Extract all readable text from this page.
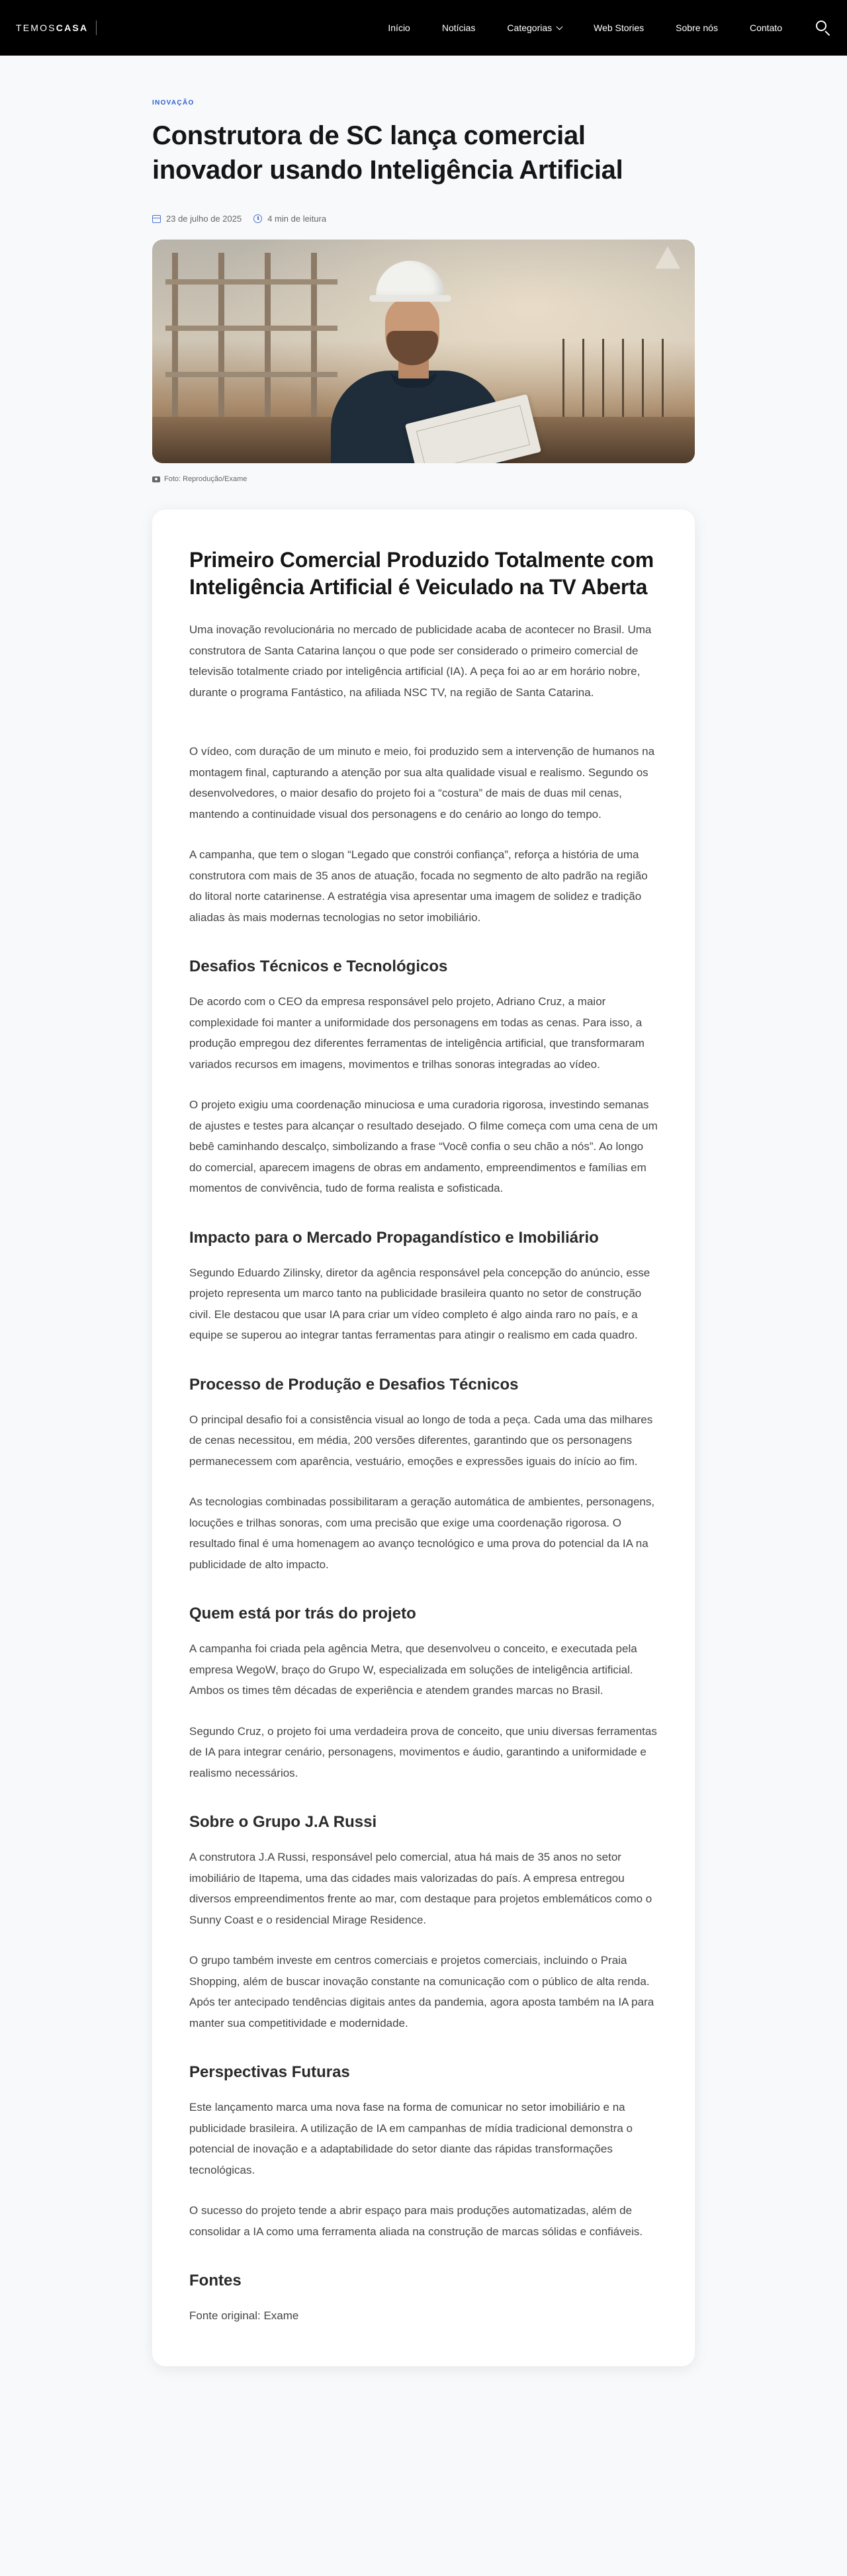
TEMOSCASA	Início	Notícias	Categorias	Web Stories	Sobre nós	Contato
INOVAÇÃO
Construtora de SC lança comercial inovador usando Inteligência Artificial
23 de julho de 2025	4 min de leitura
Foto: Reprodução/Exame
Primeiro Comercial Produzido Totalmente com Inteligência Artificial é Veiculado na TV Aberta

Uma inovação revolucionária no mercado de publicidade acaba de acontecer no Brasil. Uma construtora de Santa Catarina lançou o que pode ser considerado o primeiro comercial de televisão totalmente criado por inteligência artificial (IA). A peça foi ao ar em horário nobre, durante o programa Fantástico, na afiliada NSC TV, na região de Santa Catarina.

O vídeo, com duração de um minuto e meio, foi produzido sem a intervenção de humanos na montagem final, capturando a atenção por sua alta qualidade visual e realismo. Segundo os desenvolvedores, o maior desafio do projeto foi a “costura” de mais de duas mil cenas, mantendo a continuidade visual dos personagens e do cenário ao longo do tempo.

A campanha, que tem o slogan “Legado que constrói confiança”, reforça a história de uma construtora com mais de 35 anos de atuação, focada no segmento de alto padrão na região do litoral norte catarinense. A estratégia visa apresentar uma imagem de solidez e tradição aliadas às mais modernas tecnologias no setor imobiliário.

Desafios Técnicos e Tecnológicos

De acordo com o CEO da empresa responsável pelo projeto, Adriano Cruz, a maior complexidade foi manter a uniformidade dos personagens em todas as cenas. Para isso, a produção empregou dez diferentes ferramentas de inteligência artificial, que transformaram variados recursos em imagens, movimentos e trilhas sonoras integradas ao vídeo.

O projeto exigiu uma coordenação minuciosa e uma curadoria rigorosa, investindo semanas de ajustes e testes para alcançar o resultado desejado. O filme começa com uma cena de um bebê caminhando descalço, simbolizando a frase “Você confia o seu chão a nós”. Ao longo do comercial, aparecem imagens de obras em andamento, empreendimentos e famílias em momentos de convivência, tudo de forma realista e sofisticada.

Impacto para o Mercado Propagandístico e Imobiliário

Segundo Eduardo Zilinsky, diretor da agência responsável pela concepção do anúncio, esse projeto representa um marco tanto na publicidade brasileira quanto no setor de construção civil. Ele destacou que usar IA para criar um vídeo completo é algo ainda raro no país, e a equipe se superou ao integrar tantas ferramentas para atingir o realismo em cada quadro.

Processo de Produção e Desafios Técnicos

O principal desafio foi a consistência visual ao longo de toda a peça. Cada uma das milhares de cenas necessitou, em média, 200 versões diferentes, garantindo que os personagens permanecessem com aparência, vestuário, emoções e expressões iguais do início ao fim.

As tecnologias combinadas possibilitaram a geração automática de ambientes, personagens, locuções e trilhas sonoras, com uma precisão que exige uma coordenação rigorosa. O resultado final é uma homenagem ao avanço tecnológico e uma prova do potencial da IA na publicidade de alto impacto.

Quem está por trás do projeto

A campanha foi criada pela agência Metra, que desenvolveu o conceito, e executada pela empresa WegoW, braço do Grupo W, especializada em soluções de inteligência artificial. Ambos os times têm décadas de experiência e atendem grandes marcas no Brasil.

Segundo Cruz, o projeto foi uma verdadeira prova de conceito, que uniu diversas ferramentas de IA para integrar cenário, personagens, movimentos e áudio, garantindo a uniformidade e realismo necessários.

Sobre o Grupo J.A Russi

A construtora J.A Russi, responsável pelo comercial, atua há mais de 35 anos no setor imobiliário de Itapema, uma das cidades mais valorizadas do país. A empresa entregou diversos empreendimentos frente ao mar, com destaque para projetos emblemáticos como o Sunny Coast e o residencial Mirage Residence.

O grupo também investe em centros comerciais e projetos comerciais, incluindo o Praia Shopping, além de buscar inovação constante na comunicação com o público de alta renda. Após ter antecipado tendências digitais antes da pandemia, agora aposta também na IA para manter sua competitividade e modernidade.

Perspectivas Futuras

Este lançamento marca uma nova fase na forma de comunicar no setor imobiliário e na publicidade brasileira. A utilização de IA em campanhas de mídia tradicional demonstra o potencial de inovação e a adaptabilidade do setor diante das rápidas transformações tecnológicas.

O sucesso do projeto tende a abrir espaço para mais produções automatizadas, além de consolidar a IA como uma ferramenta aliada na construção de marcas sólidas e confiáveis.

Fontes

Fonte original: Exame
